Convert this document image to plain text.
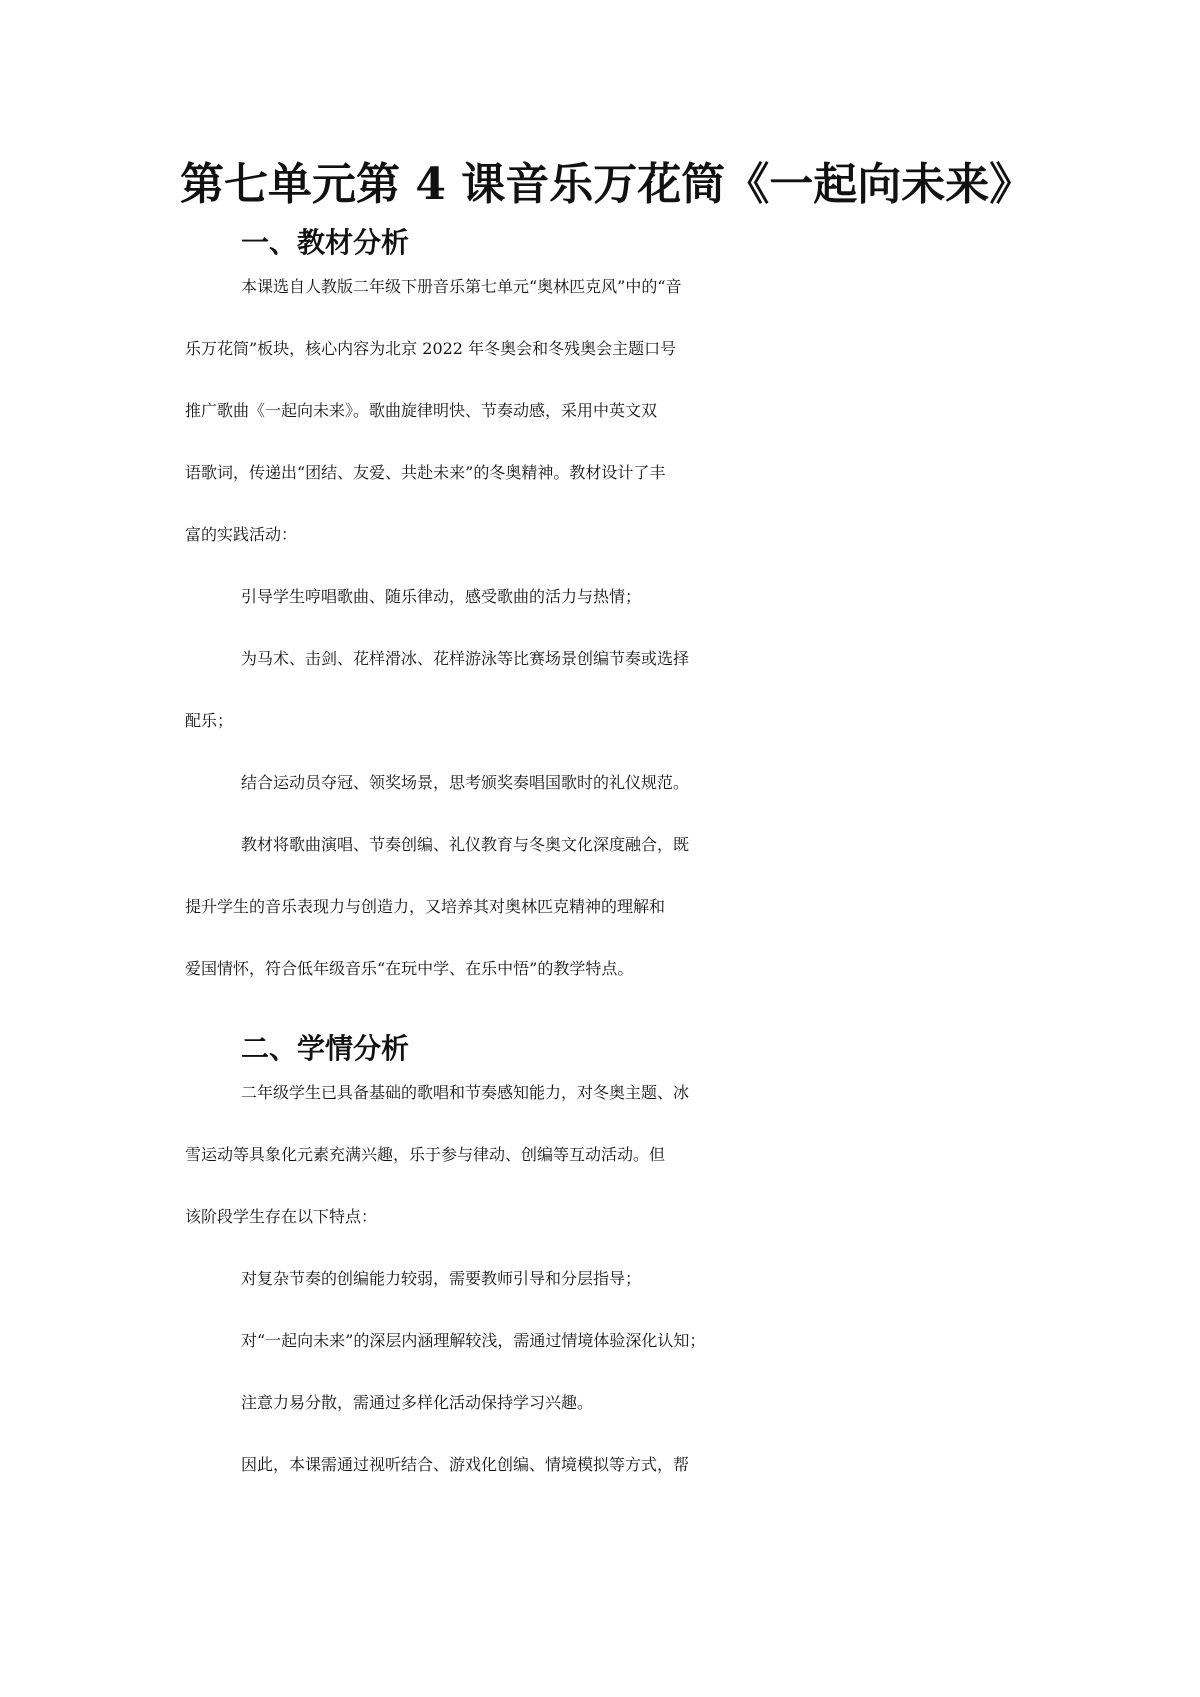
第七单元第 4 课音乐万花筒《一起向未来》
一、教材分析
本课选自人教版二年级下册音乐第七单元“奥林匹克风”中的“音
乐万花筒”板块，核心内容为北京 2022 年冬奥会和冬残奥会主题口号
推广歌曲《一起向未来》。歌曲旋律明快、节奏动感，采用中英文双
语歌词，传递出“团结、友爱、共赴未来”的冬奥精神。教材设计了丰
富的实践活动：
引导学生哼唱歌曲、随乐律动，感受歌曲的活力与热情；
为马术、击剑、花样滑冰、花样游泳等比赛场景创编节奏或选择
配乐；
结合运动员夺冠、领奖场景，思考颁奖奏唱国歌时的礼仪规范。
教材将歌曲演唱、节奏创编、礼仪教育与冬奥文化深度融合，既
提升学生的音乐表现力与创造力，又培养其对奥林匹克精神的理解和
爱国情怀，符合低年级音乐“在玩中学、在乐中悟”的教学特点。
二、学情分析
二年级学生已具备基础的歌唱和节奏感知能力，对冬奥主题、冰
雪运动等具象化元素充满兴趣，乐于参与律动、创编等互动活动。但
该阶段学生存在以下特点：
对复杂节奏的创编能力较弱，需要教师引导和分层指导；
对“一起向未来”的深层内涵理解较浅，需通过情境体验深化认知；
注意力易分散，需通过多样化活动保持学习兴趣。
因此，本课需通过视听结合、游戏化创编、情境模拟等方式，帮
